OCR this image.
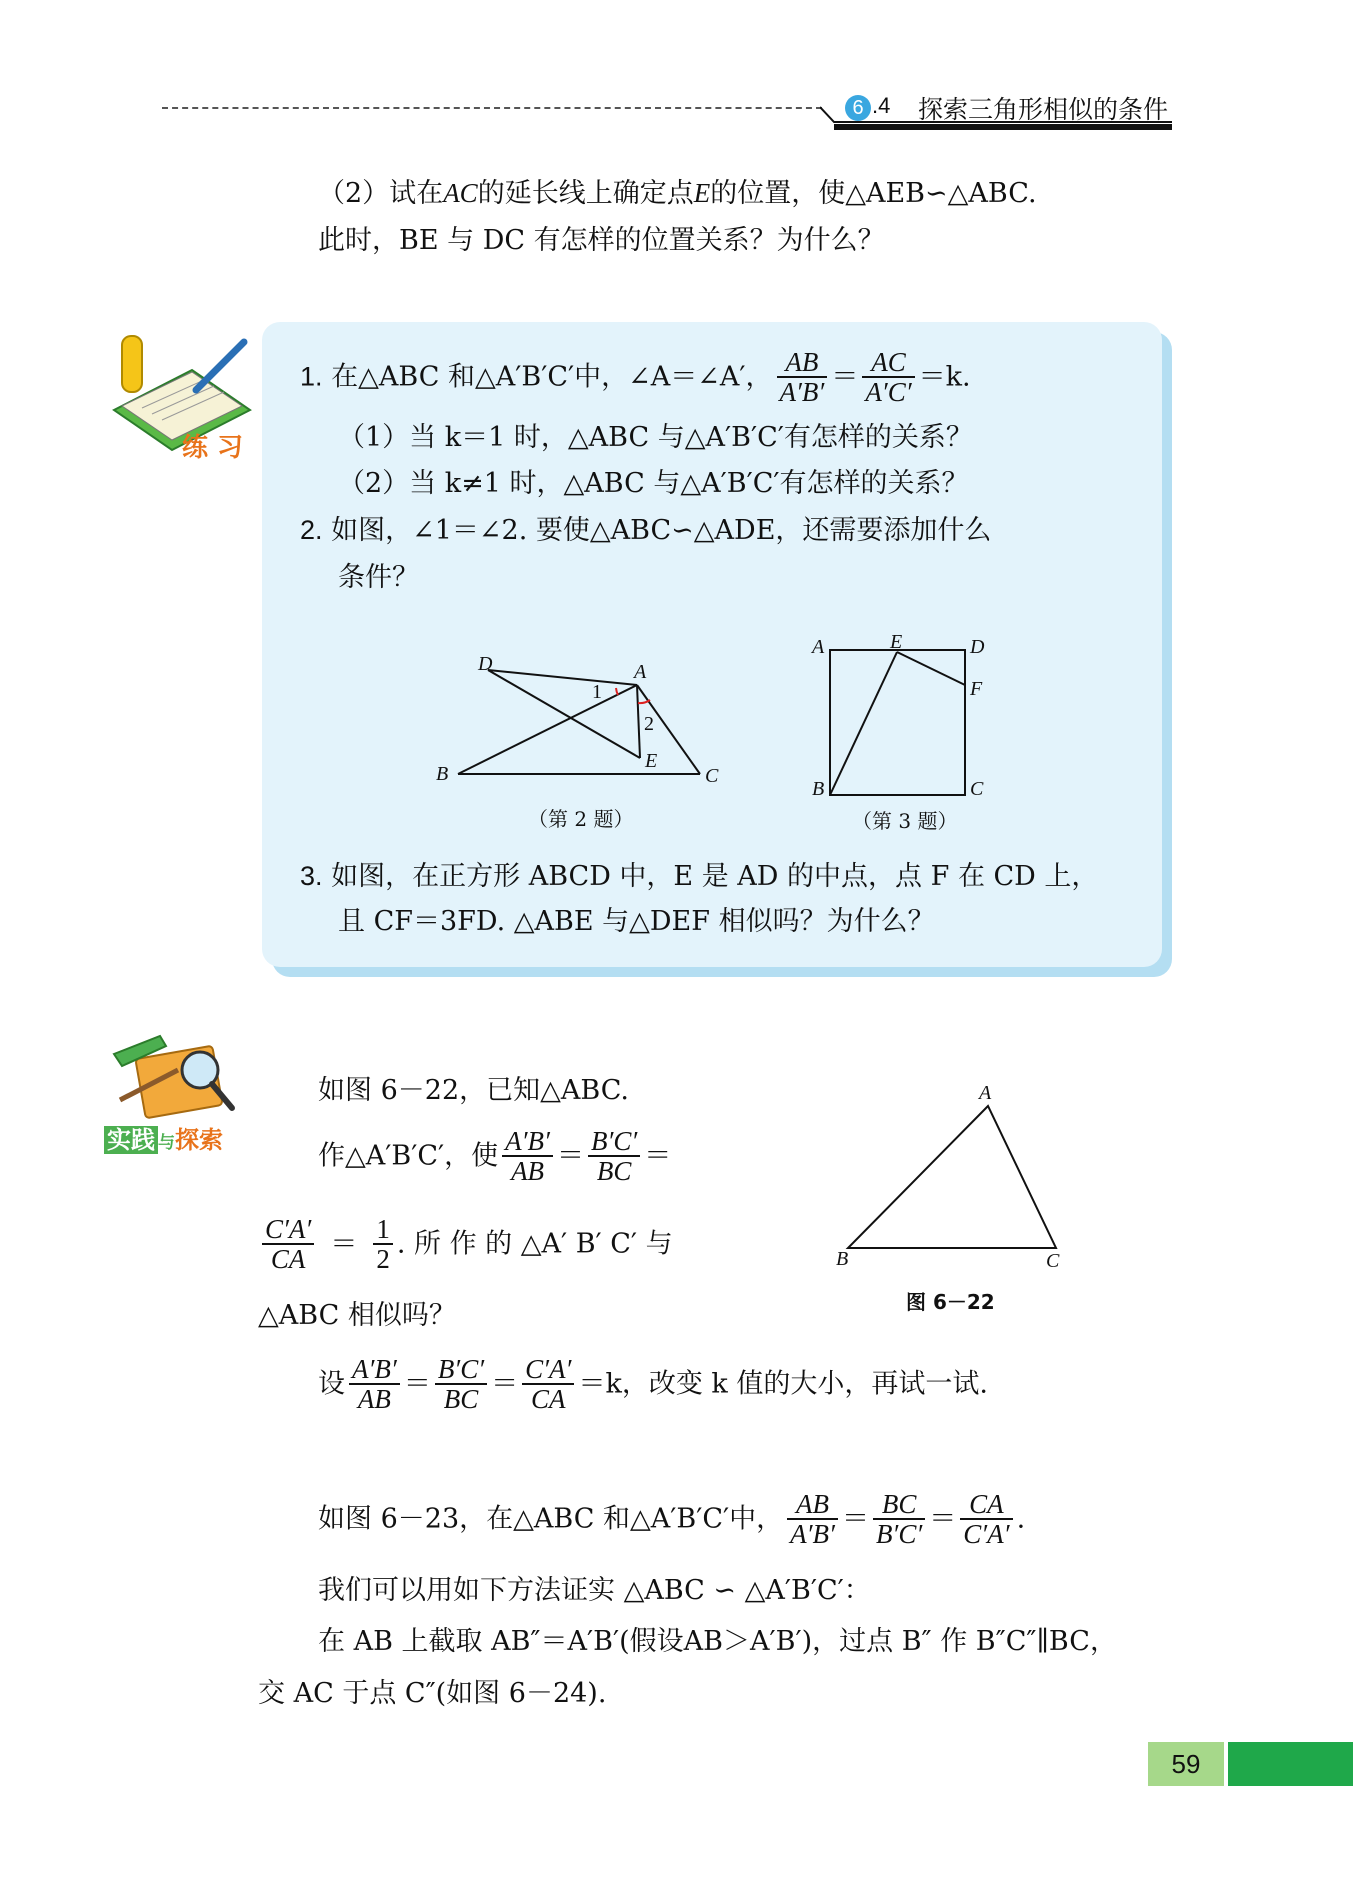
6 .4 探索三角形相似的条件
（2）试在AC的延长线上确定点E的位置，使△AEB∽△ABC.
此时，BE 与 DC 有怎样的位置关系？为什么？
练 习
1. 在△ABC 和△A′B′C′中，∠A＝∠A′， $\frac{AB}{A'B'} = \frac{AC}{A'C'} =k$.
（1）当 k＝1 时，△ABC 与△A′B′C′有怎样的关系？
（2）当 k≠1 时，△ABC 与△A′B′C′有怎样的关系？
2. 如图，∠1＝∠2. 要使△ABC∽△ADE，还需要添加什么
条件？
D	A
1
2
E
B	C
（第 2 题）
A	E	D
F
B	C
（第 3 题）
3. 如图，在正方形 ABCD 中，E 是 AD 的中点，点 F 在 CD 上，
且 CF＝3FD. △ABE 与△DEF 相似吗？为什么？
实践 与探索
如图 6－22，已知△ABC.
作△A′B′C′，使 $\frac{A'B'}{AB} = \frac{B'C'}{BC}$ ＝
$\frac{C'A'}{CA} = \frac{1}{2}$ . 所 作 的 △A′ B′ C′ 与
△ABC 相似吗？
设 $\frac{A'B'}{AB} = \frac{B'C'}{BC} = \frac{C'A'}{CA} =k$，改变 k 值的大小，再试一试.
A
B	C
图 6－22
如图 6－23，在△ABC 和△A′B′C′中， $\frac{AB}{A'B'} = \frac{BC}{B'C'} = \frac{CA}{C'A'}$ .
我们可以用如下方法证实 △ABC ∽ △A′B′C′：
在 AB 上截取 AB″＝A′B′(假设AB＞A′B′)，过点 B″ 作 B″C″∥BC，
交 AC 于点 C″(如图 6－24).
59
